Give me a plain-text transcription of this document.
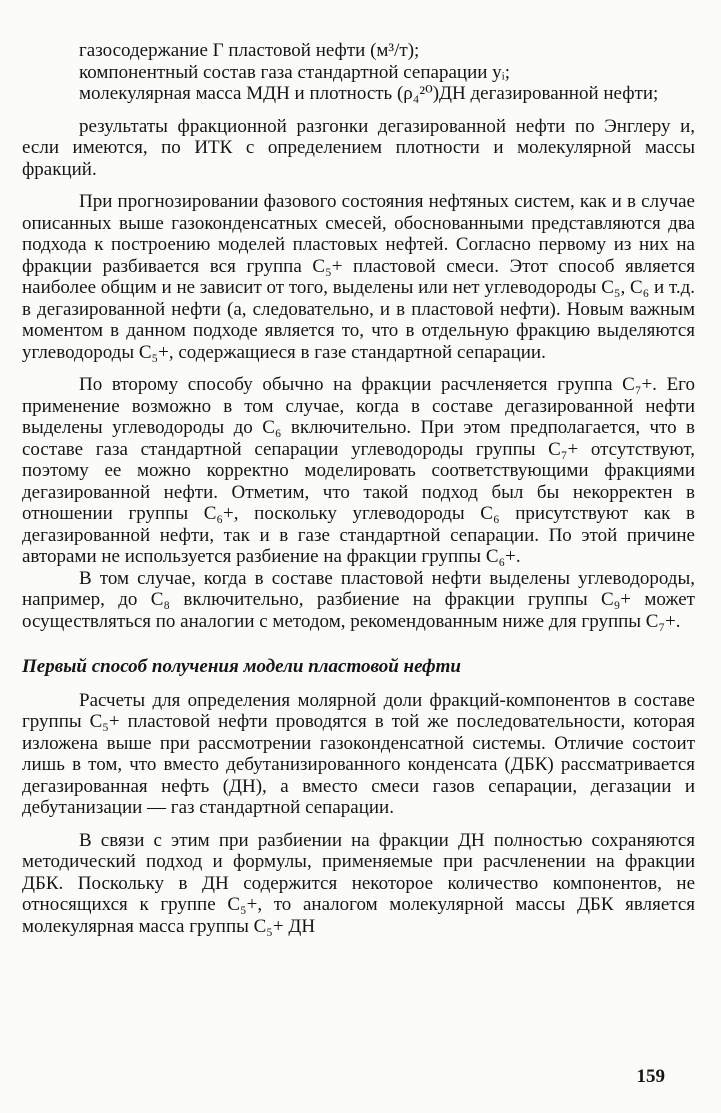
газосодержание Г пластовой нефти (м³/т);

компонентный состав газа стандартной сепарации yᵢ;

молекулярная масса MДН и плотность (ρ₄²⁰)ДН дегазированной нефти;

результаты фракционной разгонки дегазированной нефти по Энглеру и, если имеются, по ИТК с определением плотности и молекулярной массы фракций.

При прогнозировании фазового состояния нефтяных систем, как и в случае описанных выше газоконденсатных смесей, обоснованными представляются два подхода к построению моделей пластовых нефтей. Согласно первому из них на фракции разбивается вся группа C₅+ пластовой смеси. Этот способ является наиболее общим и не зависит от того, выделены или нет углеводороды C₅, C₆ и т.д. в дегазированной нефти (а, следовательно, и в пластовой нефти). Новым важным моментом в данном подходе является то, что в отдельную фракцию выделяются углеводороды C₅+, содержащиеся в газе стандартной сепарации.

По второму способу обычно на фракции расчленяется группа C₇+. Его применение возможно в том случае, когда в составе дегазированной нефти выделены углеводороды до C₆ включительно. При этом предполагается, что в составе газа стандартной сепарации углеводороды группы C₇+ отсутствуют, поэтому ее можно корректно моделировать соответствующими фракциями дегазированной нефти. Отметим, что такой подход был бы некорректен в отношении группы C₆+, поскольку углеводороды C₆ присутствуют как в дегазированной нефти, так и в газе стандартной сепарации. По этой причине авторами не используется разбиение на фракции группы C₆+.

В том случае, когда в составе пластовой нефти выделены углеводороды, например, до C₈ включительно, разбиение на фракции группы C₉+ может осуществляться по аналогии с методом, рекомендованным ниже для группы C₇+.

Первый способ получения модели пластовой нефти

Расчеты для определения молярной доли фракций-компонентов в составе группы C₅+ пластовой нефти проводятся в той же последовательности, которая изложена выше при рассмотрении газоконденсатной системы. Отличие состоит лишь в том, что вместо дебутанизированного конденсата (ДБК) рассматривается дегазированная нефть (ДН), а вместо смеси газов сепарации, дегазации и дебутанизации — газ стандартной сепарации.

В связи с этим при разбиении на фракции ДН полностью сохраняются методический подход и формулы, применяемые при расчленении на фракции ДБК. Поскольку в ДН содержится некоторое количество компонентов, не относящихся к группе C₅+, то аналогом молекулярной массы ДБК является молекулярная масса группы C₅+ ДН

159
